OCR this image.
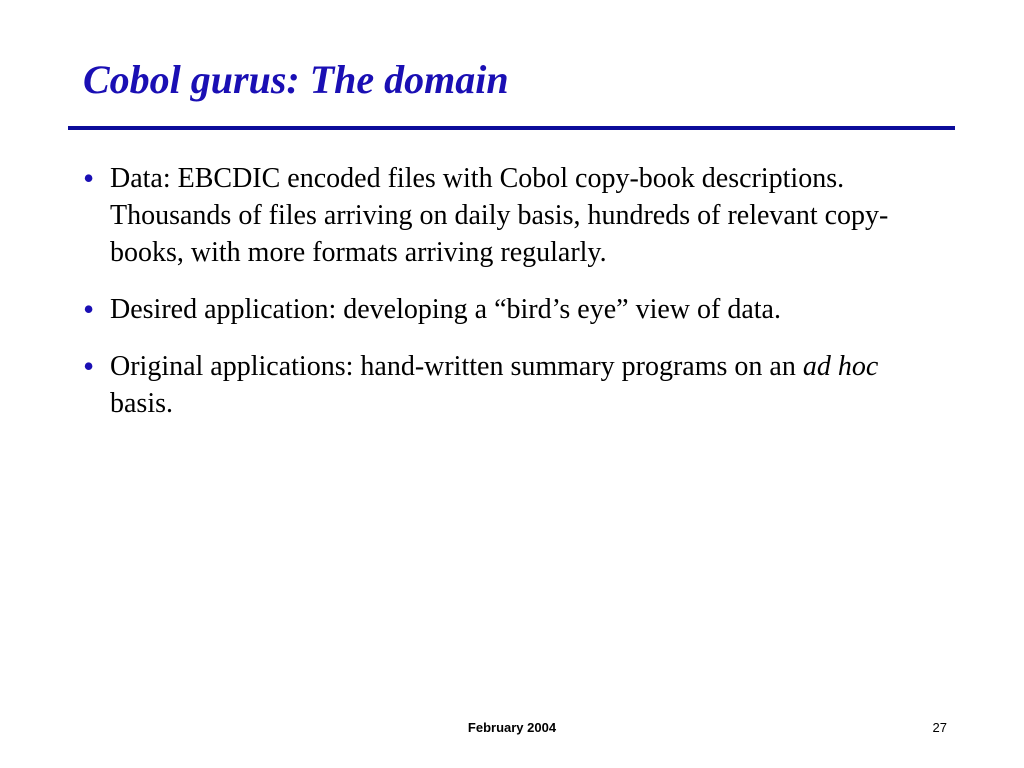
Cobol gurus: The domain
• Data: EBCDIC encoded files with Cobol copy-book descriptions.  Thousands of files arriving on daily basis, hundreds of relevant copy-books, with more formats arriving regularly.
• Desired application: developing a “bird’s eye” view of data.
• Original applications: hand-written summary programs on an ad hoc basis.
February 2004	27
